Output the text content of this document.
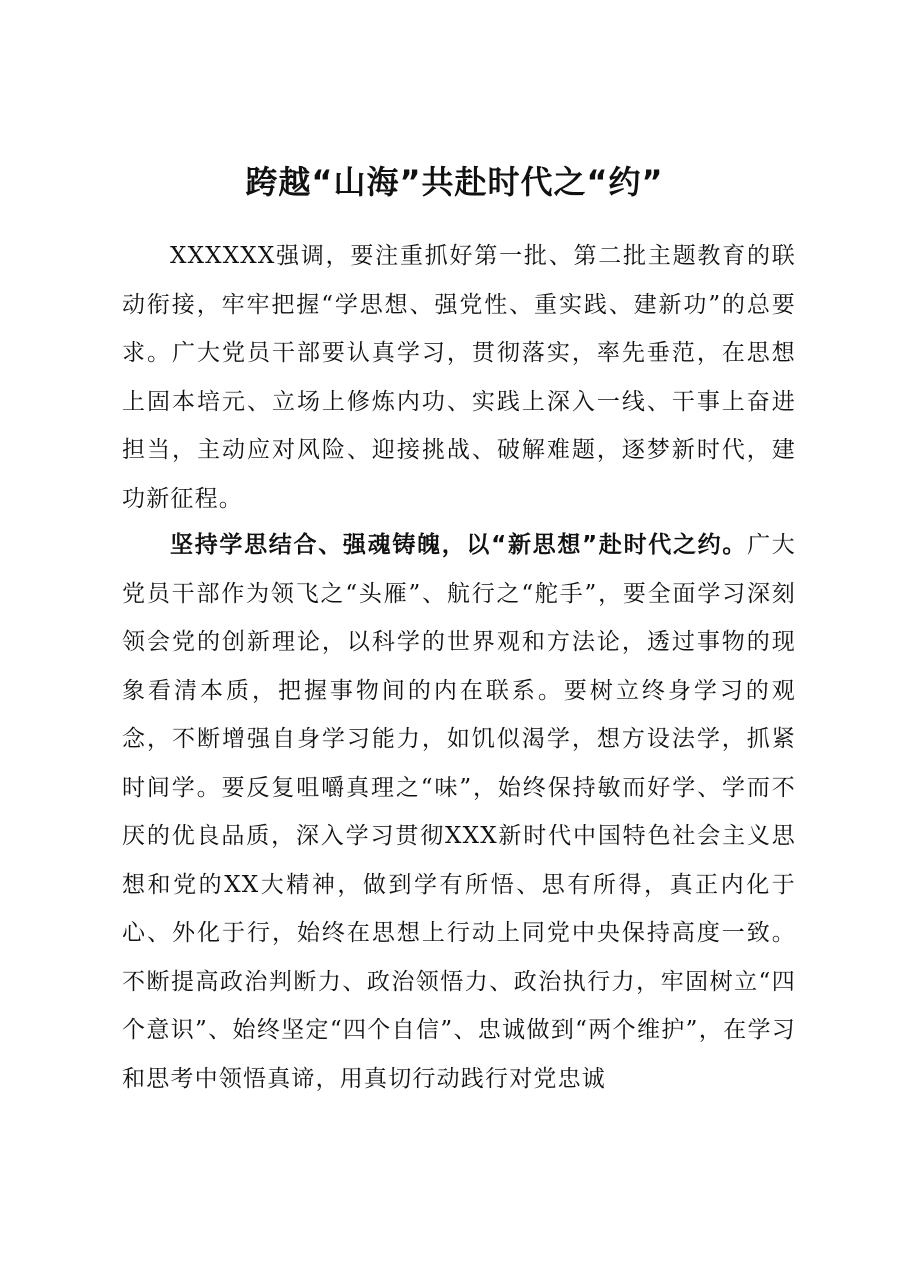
跨越“山海”共赴时代之“约”

XXXXXX强调，要注重抓好第一批、第二批主题教育的联动衔接，牢牢把握“学思想、强党性、重实践、建新功”的总要求。广大党员干部要认真学习，贯彻落实，率先垂范，在思想上固本培元、立场上修炼内功、实践上深入一线、干事上奋进担当，主动应对风险、迎接挑战、破解难题，逐梦新时代，建功新征程。

坚持学思结合、强魂铸魄，以“新思想”赴时代之约。广大党员干部作为领飞之“头雁”、航行之“舵手”，要全面学习深刻领会党的创新理论，以科学的世界观和方法论，透过事物的现象看清本质，把握事物间的内在联系。要树立终身学习的观念，不断增强自身学习能力，如饥似渴学，想方设法学，抓紧时间学。要反复咀嚼真理之“味”，始终保持敏而好学、学而不厌的优良品质，深入学习贯彻XXX新时代中国特色社会主义思想和党的XX大精神，做到学有所悟、思有所得，真正内化于心、外化于行，始终在思想上行动上同党中央保持高度一致。不断提高政治判断力、政治领悟力、政治执行力，牢固树立“四个意识”、始终坚定“四个自信”、忠诚做到“两个维护”，在学习和思考中领悟真谛，用真切行动践行对党忠诚
